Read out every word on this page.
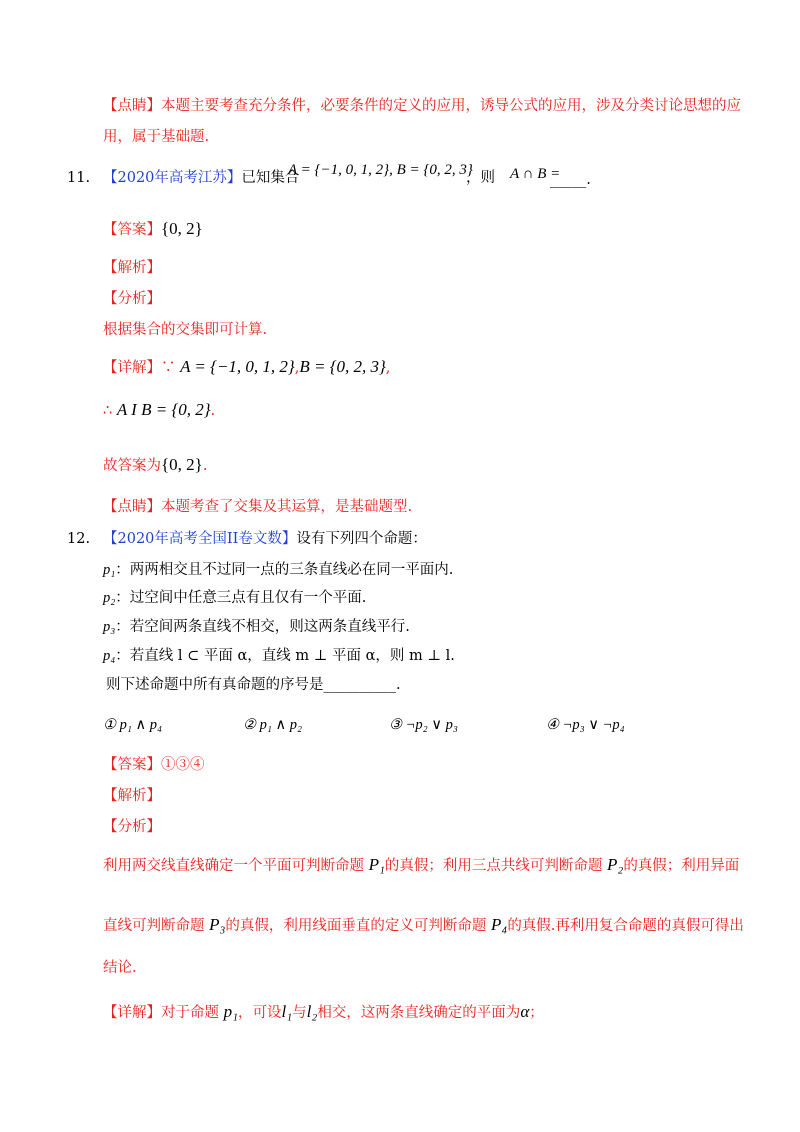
【点睛】本题主要考查充分条件，必要条件的定义的应用，诱导公式的应用，涉及分类讨论思想的应
用，属于基础题.
11. 【2020年高考江苏】已知集合
A = {−1, 0, 1, 2}, B = {0, 2, 3}
，则 A ∩ B =
_____.
【答案】{0, 2}
【解析】
【分析】
根据集合的交集即可计算.
【详解】∵ A = {−1, 0, 1, 2},B = {0, 2, 3},
∴ A I B = {0, 2}.
故答案为{0, 2}.
【点睛】本题考查了交集及其运算，是基础题型.
12. 【2020年高考全国II卷文数】设有下列四个命题：
p₁：两两相交且不过同一点的三条直线必在同一平面内.
p₂：过空间中任意三点有且仅有一个平面.
p₃：若空间两条直线不相交，则这两条直线平行.
p₄：若直线 l ⊂ 平面 α，直线 m ⊥ 平面 α，则 m ⊥ l.
则下述命题中所有真命题的序号是__________.
① p₁ ∧ p₄	② p₁ ∧ p₂	③ ¬p₂ ∨ p₃	④ ¬p₃ ∨ ¬p₄
【答案】①③④
【解析】
【分析】
利用两交线直线确定一个平面可判断命题 P₁的真假；利用三点共线可判断命题 P₂的真假；利用异面
直线可判断命题 P₃的真假，利用线面垂直的定义可判断命题 P₄的真假.再利用复合命题的真假可得出
结论.
【详解】对于命题 p₁，可设l₁与l₂相交，这两条直线确定的平面为α；
